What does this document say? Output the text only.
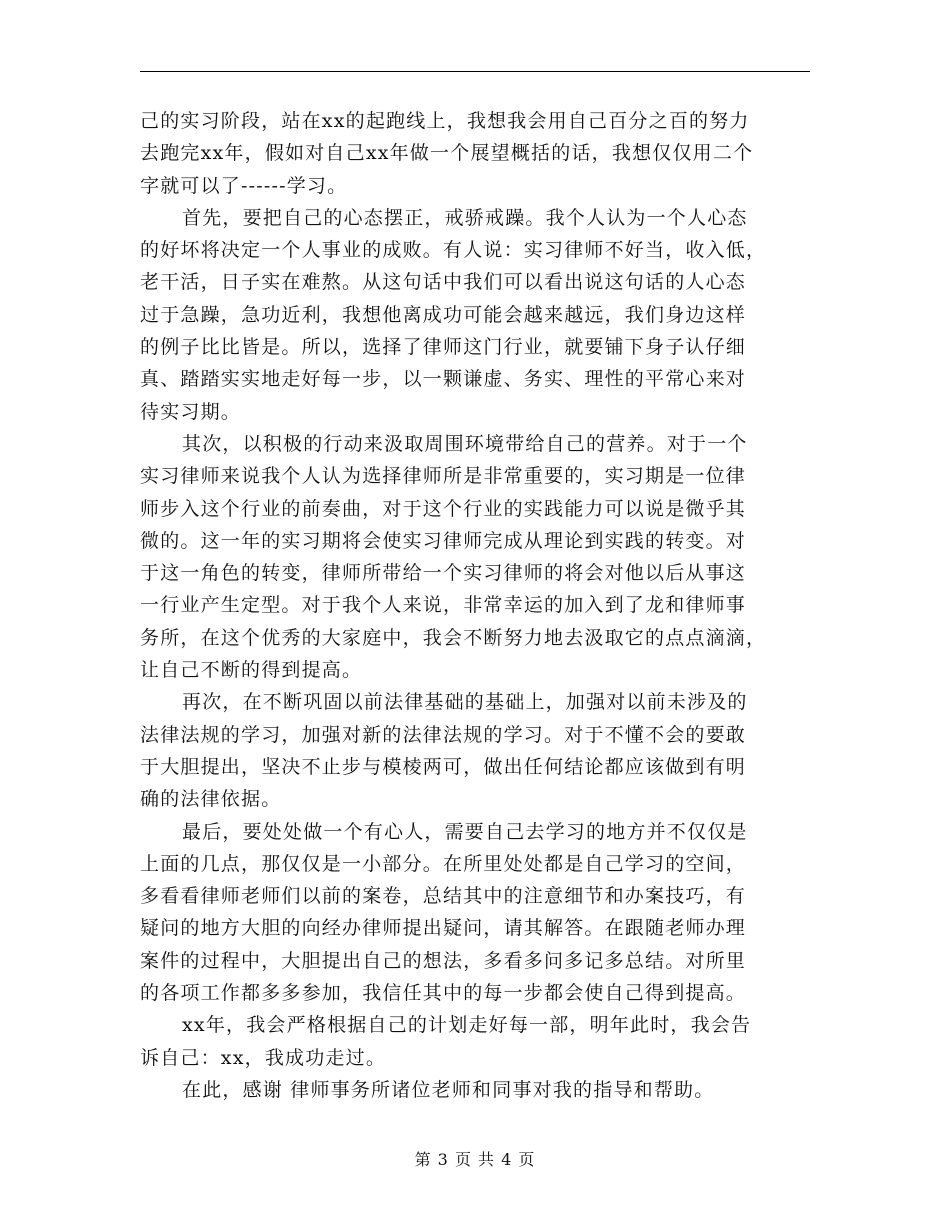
己的实习阶段，站在xx的起跑线上，我想我会用自己百分之百的努力
去跑完xx年，假如对自己xx年做一个展望概括的话，我想仅仅用二个
字就可以了------学习。
首先，要把自己的心态摆正，戒骄戒躁。我个人认为一个人心态
的好坏将决定一个人事业的成败。有人说：实习律师不好当，收入低，
老干活，日子实在难熬。从这句话中我们可以看出说这句话的人心态
过于急躁，急功近利，我想他离成功可能会越来越远，我们身边这样
的例子比比皆是。所以，选择了律师这门行业，就要铺下身子认仔细
真、踏踏实实地走好每一步，以一颗谦虚、务实、理性的平常心来对
待实习期。
其次，以积极的行动来汲取周围环境带给自己的营养。对于一个
实习律师来说我个人认为选择律师所是非常重要的，实习期是一位律
师步入这个行业的前奏曲，对于这个行业的实践能力可以说是微乎其
微的。这一年的实习期将会使实习律师完成从理论到实践的转变。对
于这一角色的转变，律师所带给一个实习律师的将会对他以后从事这
一行业产生定型。对于我个人来说，非常幸运的加入到了龙和律师事
务所，在这个优秀的大家庭中，我会不断努力地去汲取它的点点滴滴，
让自己不断的得到提高。
再次，在不断巩固以前法律基础的基础上，加强对以前未涉及的
法律法规的学习，加强对新的法律法规的学习。对于不懂不会的要敢
于大胆提出，坚决不止步与模棱两可，做出任何结论都应该做到有明
确的法律依据。
最后，要处处做一个有心人，需要自己去学习的地方并不仅仅是
上面的几点，那仅仅是一小部分。在所里处处都是自己学习的空间，
多看看律师老师们以前的案卷，总结其中的注意细节和办案技巧，有
疑问的地方大胆的向经办律师提出疑问，请其解答。在跟随老师办理
案件的过程中，大胆提出自己的想法，多看多问多记多总结。对所里
的各项工作都多多参加，我信任其中的每一步都会使自己得到提高。
xx年，我会严格根据自己的计划走好每一部，明年此时，我会告
诉自己：xx，我成功走过。
在此，感谢 律师事务所诸位老师和同事对我的指导和帮助。
第 3 页 共 4 页
